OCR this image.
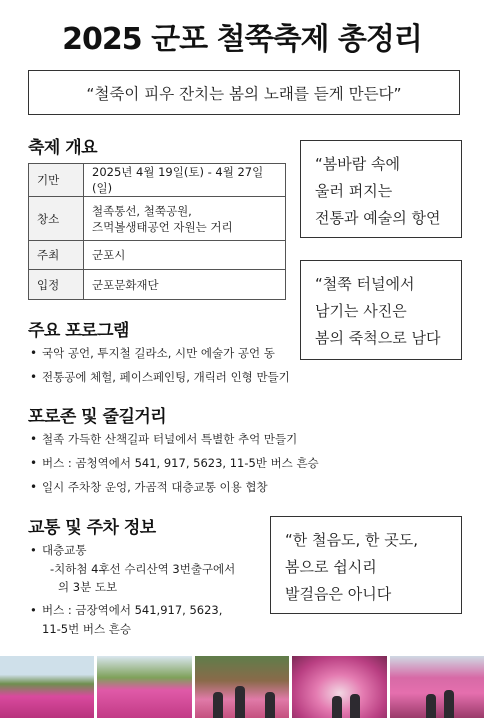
2025 군포 철쭉축제 총정리
“철죽이 피우 잔치는 봄의 노래를 듣게 만든다”
축제 개요
기만	2025년 4월 19일(토) - 4월 27일(일)
창소	철족통선, 철쭉공원,
즈먹볼생태공언 자원는 거리
주최	군포시
입정	군포문화재단
“봄바람 속에
울러 퍼지는
전통과 예술의 항연
“철쭉 터널에서
남기는 사진은
봄의 죽척으로 남다
“한 철음도, 한 곳도,
봄으로 쉽시리
발걸음은 아니다
주요 포로그램
• 국악 공언, 투지철 길라소, 시만 에술가 공언 동
• 전통공에 체헐, 페이스페인팅, 개릭러 인형 만들기
포로존 및 줄길거리
• 철족 가득한 산책길파 터널에서 특별한 추억 만들기
• 버스 : 곰청역에서 541, 917, 5623, 11-5반 버스 흔승
• 일시 주차창 운엉, 가곰적 대층교통 이용 협창
교통 및 주차 정보
• 대층교통
-치하첨 4후선 수리산역 3번출구에서
의 3분 도보
• 버스 : 금장역에서 541,917, 5623,
11-5번 버스 흔승
